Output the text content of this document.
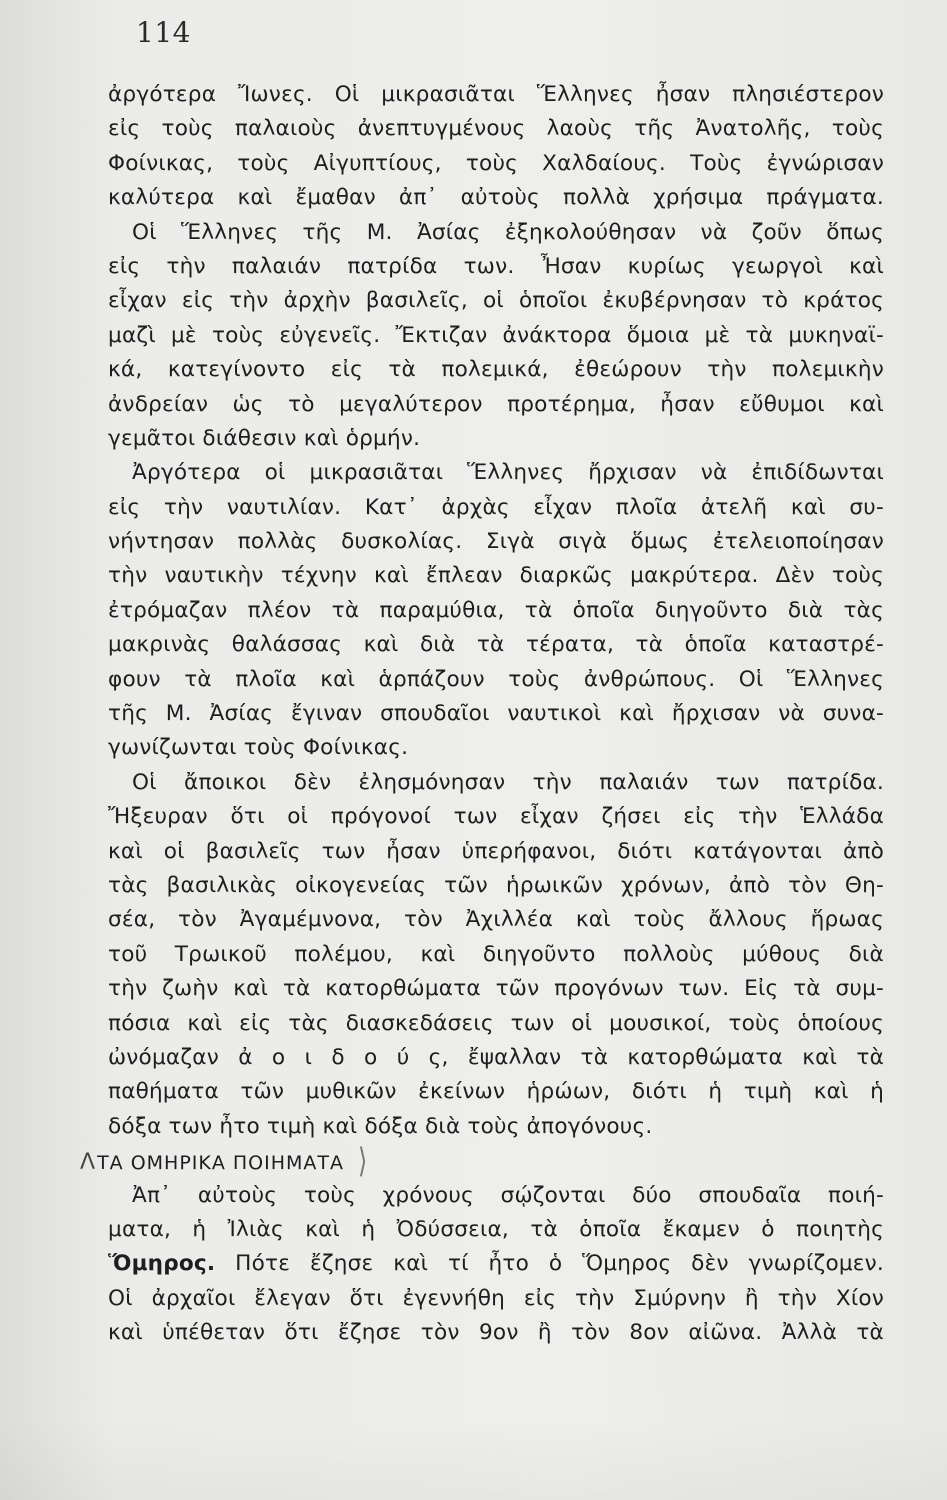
114
ἀργότερα Ἴωνες. Οἱ μικρασιᾶται Ἕλληνες ἦσαν πλησιέστερον
εἰς τοὺς παλαιοὺς ἀνεπτυγμένους λαοὺς τῆς Ἀνατολῆς, τοὺς
Φοίνικας, τοὺς Αἰγυπτίους, τοὺς Χαλδαίους. Τοὺς ἐγνώρισαν
καλύτερα καὶ ἔμαθαν ἀπ᾽ αὐτοὺς πολλὰ χρήσιμα πράγματα.
Οἱ Ἕλληνες τῆς Μ. Ἀσίας ἐξηκολούθησαν νὰ ζοῦν ὅπως
εἰς τὴν παλαιάν πατρίδα των. Ἦσαν κυρίως γεωργοὶ καὶ
εἶχαν εἰς τὴν ἀρχὴν βασιλεῖς, οἱ ὁποῖοι ἐκυβέρνησαν τὸ κράτος
μαζὶ μὲ τοὺς εὐγενεῖς. Ἔκτιζαν ἀνάκτορα ὅμοια μὲ τὰ μυκηναϊ-
κά, κατεγίνοντο εἰς τὰ πολεμικά, ἐθεώρουν τὴν πολεμικὴν
ἀνδρείαν ὡς τὸ μεγαλύτερον προτέρημα, ἦσαν εὔθυμοι καὶ
γεμᾶτοι διάθεσιν καὶ ὁρμήν.
Ἀργότερα οἱ μικρασιᾶται Ἕλληνες ἤρχισαν νὰ ἐπιδίδωνται
εἰς τὴν ναυτιλίαν. Κατ᾽ ἀρχὰς εἶχαν πλοῖα ἀτελῆ καὶ συ-
νήντησαν πολλὰς δυσκολίας. Σιγὰ σιγὰ ὅμως ἐτελειοποίησαν
τὴν ναυτικὴν τέχνην καὶ ἔπλεαν διαρκῶς μακρύτερα. Δὲν τοὺς
ἐτρόμαζαν πλέον τὰ παραμύθια, τὰ ὁποῖα διηγοῦντο διὰ τὰς
μακρινὰς θαλάσσας καὶ διὰ τὰ τέρατα, τὰ ὁποῖα καταστρέ-
φουν τὰ πλοῖα καὶ ἁρπάζουν τοὺς ἀνθρώπους. Οἱ Ἕλληνες
τῆς Μ. Ἀσίας ἔγιναν σπουδαῖοι ναυτικοὶ καὶ ἤρχισαν νὰ συνα-
γωνίζωνται τοὺς Φοίνικας.
Οἱ ἄποικοι δὲν ἐλησμόνησαν τὴν παλαιάν των πατρίδα.
Ἤξευραν ὅτι οἱ πρόγονοί των εἶχαν ζήσει εἰς τὴν Ἑλλάδα
καὶ οἱ βασιλεῖς των ἦσαν ὑπερήφανοι, διότι κατάγονται ἀπὸ
τὰς βασιλικὰς οἰκογενείας τῶν ἡρωικῶν χρόνων, ἀπὸ τὸν Θη-
σέα, τὸν Ἀγαμέμνονα, τὸν Ἀχιλλέα καὶ τοὺς ἄλλους ἥρωας
τοῦ Τρωικοῦ πολέμου, καὶ διηγοῦντο πολλοὺς μύθους διὰ
τὴν ζωὴν καὶ τὰ κατορθώματα τῶν προγόνων των. Εἰς τὰ συμ-
πόσια καὶ εἰς τὰς διασκεδάσεις των οἱ μουσικοί, τοὺς ὁποίους
ὠνόμαζαν ἀ ο ι δ ο ύ ς, ἔψαλλαν τὰ κατορθώματα καὶ τὰ
παθήματα τῶν μυθικῶν ἐκείνων ἡρώων, διότι ἡ τιμὴ καὶ ἡ
δόξα των ἦτο τιμὴ καὶ δόξα διὰ τοὺς ἀπογόνους.
ΛΤΑ ΟΜΗΡΙΚΑ ΠΟΙΗΜΑΤΑ ⟩
Ἀπ᾽ αὐτοὺς τοὺς χρόνους σῴζονται δύο σπουδαῖα ποιή-
ματα, ἡ Ἰλιὰς καὶ ἡ Ὀδύσσεια, τὰ ὁποῖα ἔκαμεν ὁ ποιητὴς
Ὅμηρος. Πότε ἔζησε καὶ τί ἦτο ὁ Ὅμηρος δὲν γνωρίζομεν.
Οἱ ἀρχαῖοι ἔλεγαν ὅτι ἐγεννήθη εἰς τὴν Σμύρνην ἢ τὴν Χίον
καὶ ὑπέθεταν ὅτι ἔζησε τὸν 9ον ἢ τὸν 8ον αἰῶνα. Ἀλλὰ τὰ
